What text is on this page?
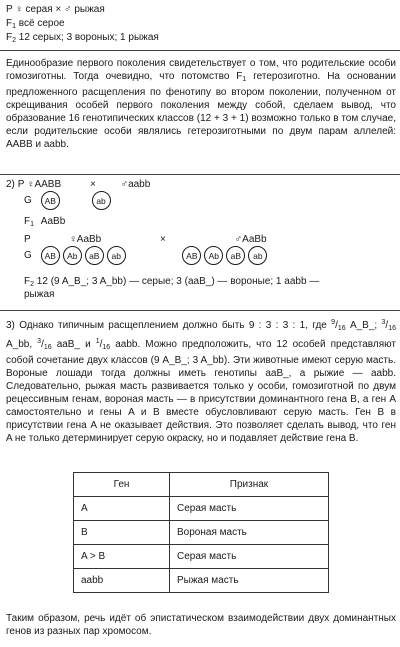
P ♀ серая × ♂ рыжая
$F_1$ всё серое
$F_2$ 12 серых; 3 вороных; 1 рыжая

Единообразие первого поколения свидетельствует о том, что родительские особи гомозиготны. Тогда очевидно, что потомство $F_1$ гетерозиготно. На основании предложенного расщепления по фенотипу во втором поколении, полученном от скрещивания особей первого поколения между собой, сделаем вывод, что образование 16 генотипических классов (12 + 3 + 1) возможно только в том случае, если родительские особи являлись гетерозиготными по двум парам аллелей: AABB и aabb.

2) P ♀AABB	× ♂aabb
G AB	ab
$F_1$ AaBb
P	♀AaBb	×	♂AaBb
G AB Ab aB ab	AB Ab aB ab
$F_2$ 12 (9 A_B_; 3 A_bb) — серые; 3 (aaB_) — вороные; 1 aabb —
рыжая

3) Однако типичным расщеплением должно быть 9 : 3 : 3 : 1, где $^9/_{16}$ A_B_; $^3/_{16}$ A_bb, $^3/_{16}$ aaB_ и $^1/_{16}$ aabb. Можно предположить, что 12 особей представляют собой сочетание двух классов (9 A_B_; 3 A_bb). Эти животные имеют серую масть. Вороные лошади тогда должны иметь генотипы aaB_, а рыжие — aabb. Следовательно, рыжая масть развивается только у особи, гомозиготной по двум рецессивным генам, вороная масть — в присутствии доминантного гена B, а ген A самостоятельно и гены A и B вместе обусловливают серую масть. Ген B в присутствии гена A не оказывает действия. Это позволяет сделать вывод, что ген A не только детерминирует серую окраску, но и подавляет действие гена B.

Ген	Признак
A	Серая масть
B	Вороная масть
A > B	Серая масть
aabb	Рыжая масть

Таким образом, речь идёт об эпистатическом взаимодействии двух доминантных генов из разных пар хромосом.
